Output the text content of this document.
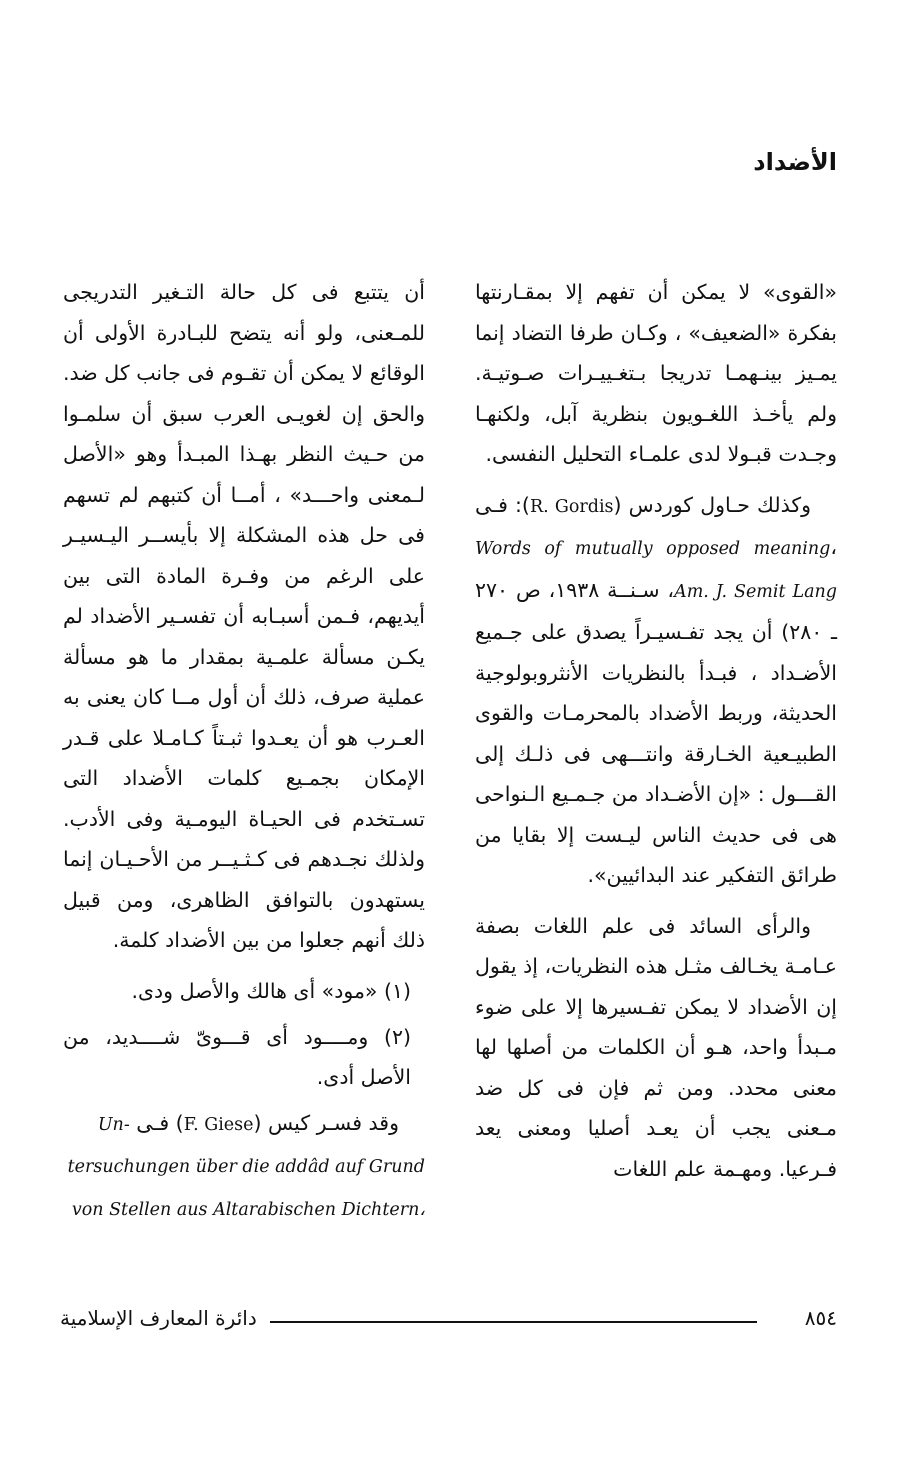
الأضداد

«القوى» لا يمكن أن تفهم إلا بمقـارنتها بفكرة «الضعيف» ، وكـان طرفا التضاد إنما يمـيز بينـهمـا تدريجا بـتغـييـرات صـوتيـة. ولم يأخـذ اللغـويون بنظرية آبل، ولكنهـا وجـدت قبـولا لدى علمـاء التحليل النفسى.

وكذلك حـاول كوردس (R. Gordis): فـى Words of mutually opposed meaning، Am. J. Semit Lang، سـنــة ١٩٣٨، ص ٢٧٠ ـ ٢٨٠) أن يجد تفـسيـراً يصدق على جـميع الأضـداد ، فبـدأ بالنظريات الأنثروبولوجية الحديثة، وربط الأضداد بالمحرمـات والقوى الطبيـعية الخـارقة وانتـــهى فى ذلـك إلى القـــول : «إن الأضـداد من جـمـيع الـنواحى هى فى حديث الناس ليـست إلا بقايا من طرائق التفكير عند البدائيين».

والرأى السائد فى علم اللغات بصفة عـامـة يخـالف مثـل هذه النظريات، إذ يقول إن الأضداد لا يمكن تفـسيرها إلا على ضوء مـبدأ واحد، هـو أن الكلمات من أصلها لها معنى محدد. ومن ثم فإن فى كل ضد مـعنى يجب أن يعـد أصليا ومعنى يعد فـرعيا. ومهـمة علم اللغات

أن يتتبع فى كل حالة التـغير التدريجى للمـعنى، ولو أنه يتضح للبـادرة الأولى أن الوقائع لا يمكن أن تقـوم فى جانب كل ضد. والحق إن لغويـى العرب سبق أن سلمـوا من حـيث النظر بهـذا المبـدأ وهو «الأصل لـمعنى واحـــد» ، أمــا أن كتبهم لم تسهم فى حل هذه المشكلة إلا بأيســر اليـسيـر على الرغم من وفـرة المادة التى بين أيديهم، فـمن أسبـابه أن تفسـير الأضداد لم يكـن مسألة علمـية بمقدار ما هو مسألة عملية صرف، ذلك أن أول مــا كان يعنى به العـرب هو أن يعـدوا ثبـتاً كـامـلا على قـدر الإمكان بجمـيع كلمات الأضداد التى تسـتخدم فى الحيـاة اليومـية وفى الأدب. ولذلك نجـدهم فى كـثـيــر من الأحـيـان إنما يستهدون بالتوافق الظاهرى، ومن قبيل ذلك أنهم جعلوا من بين الأضداد كلمة.

(١) «مود» أى هالك والأصل ودى.

(٢) ومــــود أى قـــوىّ شــــديد، من الأصل أدى.

وقد فسـر كيس (F. Giese) فـى Un-
tersuchungen über die addâd auf Grund
von Stellen aus Altarabischen Dichtern،

٨٥٤
دائرة المعارف الإسلامية
